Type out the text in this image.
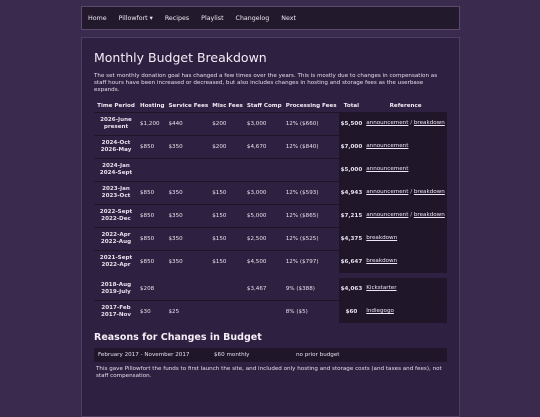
Home Pillowfort ▾ Recipes Playlist Changelog Next
Monthly Budget Breakdown

The set monthly donation goal has changed a few times over the years. This is mostly due to changes in compensation as staff hours have been increased or decreased, but also includes changes in hosting and storage fees as the userbase expands.

Time Period	Hosting	Service Fees	Misc Fees	Staff Comp	Processing Fees	Total	Reference

2026-June
present	$1,200	$440	$200	$3,000	12% ($660)	$5,500	announcement / breakdown

2024-Oct
2026-May	$850	$350	$200	$4,670	12% ($840)	$7,000	announcement

2024-Jan
2024-Sept						$5,000	announcement

2023-Jan
2023-Oct	$850	$350	$150	$3,000	12% ($593)	$4,943	announcement / breakdown

2022-Sept
2022-Dec	$850	$350	$150	$5,000	12% ($865)	$7,215	announcement / breakdown

2022-Apr
2022-Aug	$850	$350	$150	$2,500	12% ($525)	$4,375	breakdown

2021-Sept
2022-Apr	$850	$350	$150	$4,500	12% ($797)	$6,647	breakdown

2018-Aug
2019-July	$208			$3,467	9% ($388)	$4,063	Kickstarter

2017-Feb
2017-Nov	$30	$25			8% ($5)	$60	Indiegogo
Reasons for Changes in Budget
February 2017 - November 2017	$60 monthly	no prior budget

This gave Pillowfort the funds to first launch the site, and included only hosting and storage costs (and taxes and fees), not staff compensation.
